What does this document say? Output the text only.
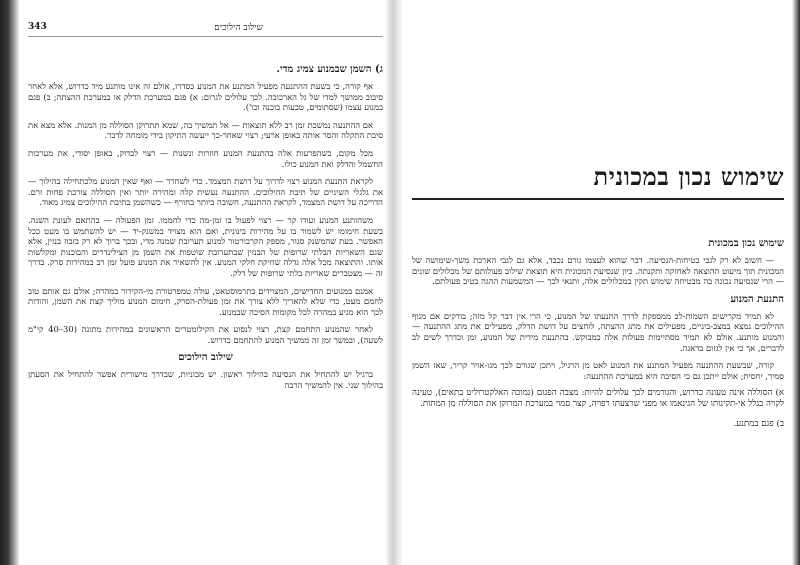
343	שילוב הילוכים

ג) השמן שבמנוע צמיג מדי.

אף קורה, כי בשעת ההתנעה מפעיל המתנע את המנוע כסדרו, אולם זה אינו מותנע מיד כדרוש, אלא לאחר סיבוב ממושך למדי של גל הארכובה. לכך עלולים לגרום: א) פגם במערכת הדלק או במערכת ההצתה; ב) פגם במנוע עצמו (שסתומים, טבעות בוכנה וכו').

אם ההתנעה נמשכת זמן רב ללא תוצאות — אל תמשיך בה, שמא תתרוקן הסוללה מן המנות. אלא מצא את סיבת התקלה והסר אותה באופן ארעי; רצוי שאחר-כך ייעשה התיקון בידי מומחה לדבר.

מכל מקום, כשהפרעות אלה בהתנעת המנוע חוזרות ונשנות — רצוי לבדוק, באופן יסודי, את מערכות החשמל והדלק ואת המנוע כולו.

לקראת התנעת המנוע רצוי לדרוך על דושת המצמד. כדי לשחרר — ואף שאין המנוע מלכתחילה בהילוך — את גלגלי השיניים של תיבת ההילוכים. ההתנעה נעשית קלה ומהירה יותר ואין הסוללה צורכת פחות זרם. הדריכה על דושת המצמד, לקראת ההתנעה, חשובה ביותר בחורף — כשהשמן בתיבת ההילוכים צמיג מאוד.

משהותנע המנוע ועודו קר — רצוי לפעול בו זמן-מה כדי לחממו. זמן הפעולה — בהתאם לעונת השנה. בשעת חימומו יש לשמור בו על מהירות בינונית, ואם הוא מצויד במשנק-יד — יש להשתמש בו מעט ככל האפשר. בעת שהמשנק סגור, מספק הקרבורטור למנוע תערובת שמנה מדי, ובכך ברוך לא רק בזבוז בנזין, אלא שגם השאריות הבלתי שרופות של הבנזין שבתערובת שוטפות את השמן מן הצילינדרים והבוכנות ומקלשות אותו. והתוצאה מכל אלה גדלה שחיקת חלקי המנוע. אין להשאיר את המנוע פועל זמן רב במהירות סרק. בדרך זה — מצטברים שאריות בלתי שרופות של דלק.

אמנם במנועים החדישים, המצוידים בתרמוסטאט, עולה טמפרטורת מי-הקירור במהרה; אולם גם אותם טוב לחמם מעט, כדי שלא להאריך ללא צורך את זמן פעולת-הסרק, חימום המנוע מוליך קצת את השמן, והודות לכך הוא מגיע במהרה לכל מקומות הסיכה שבמנוע.

לאחר שהמנוע התחמם קצת, רצוי לנסוע את הקילומטרים הראשונים במהירות מתונה (30–40 קי"מ לשעה), ובמשך זמן זה ממשיך המנוע להתחמם כדרוש.

שילוב הילוכים

ברגיל יש להתחיל את הנסיעה בהילוך ראשון. יש מכוניות, שבדרך מישורית אפשר להתחיל את הסעתן בהילוך שני. אין להמשיך הרבה

שימוש נכון במכונית

שימוש נכון במכונית

— חשוב לא רק לגבי בטיחות-הנסיעה. דבר שהוא לעצמו גורם נכבד, אלא גם לגבי הארכת משך-שימושה של המכונית תוך מיעוט ההוצאה לאחזקה ותקנתה. כיון שנסיעת המכונית היא תוצאת שילוב פעולותם של מכלולים שונים — הרי שנסיעה נכונה בה מבטיחה שימוש תקין במכלולים אלה, ותנאי לכך — המשמעות ההגה בטיב פעולתם.

התנעת המנוע

לא תמיד מקרישים השמות-לב ממספקת לדרך התנעתו של המנוע, כי הרי אין דבר קל מזה; בודקים אם מנוף ההילוכים נמצא במצב-ביניים, מפעילים את מתג ההצתה, לוחצים על דושת הדלק, מפעילים את מתג ההתנעה — והמנוע מותנע. אולם לא תמיד מסתיימות פעולות אלה כמבוקש. בהתנעת מידית של המנוע, זמן וכדרך לשים לב לדברים, אך כי אין לגזום בדאגה.

קורה, שבשעת ההתנעה מפעיל המתנע את המנוע לאט מן הרגיל, ויתכן שגורם לכך מגו-אויר קריר, שאז השמן סמיך, יחסית; אולם ייתכן גם כי הסיבה היא במערכת ההתנעה:

א) הסוללה אינה טעונה כדרוש, והגורמים לכך עלולים להיות: מצבה הפגום (נמוכה האלקטרוליט בתאים), טעינה לקויה בגלל אי-תקינותו של הגינאמו או מפני שרצעתו רפויה, קצר סמוי במערכת המרוקן את הסוללה מן המתות.

ב) פגם במתנע.
